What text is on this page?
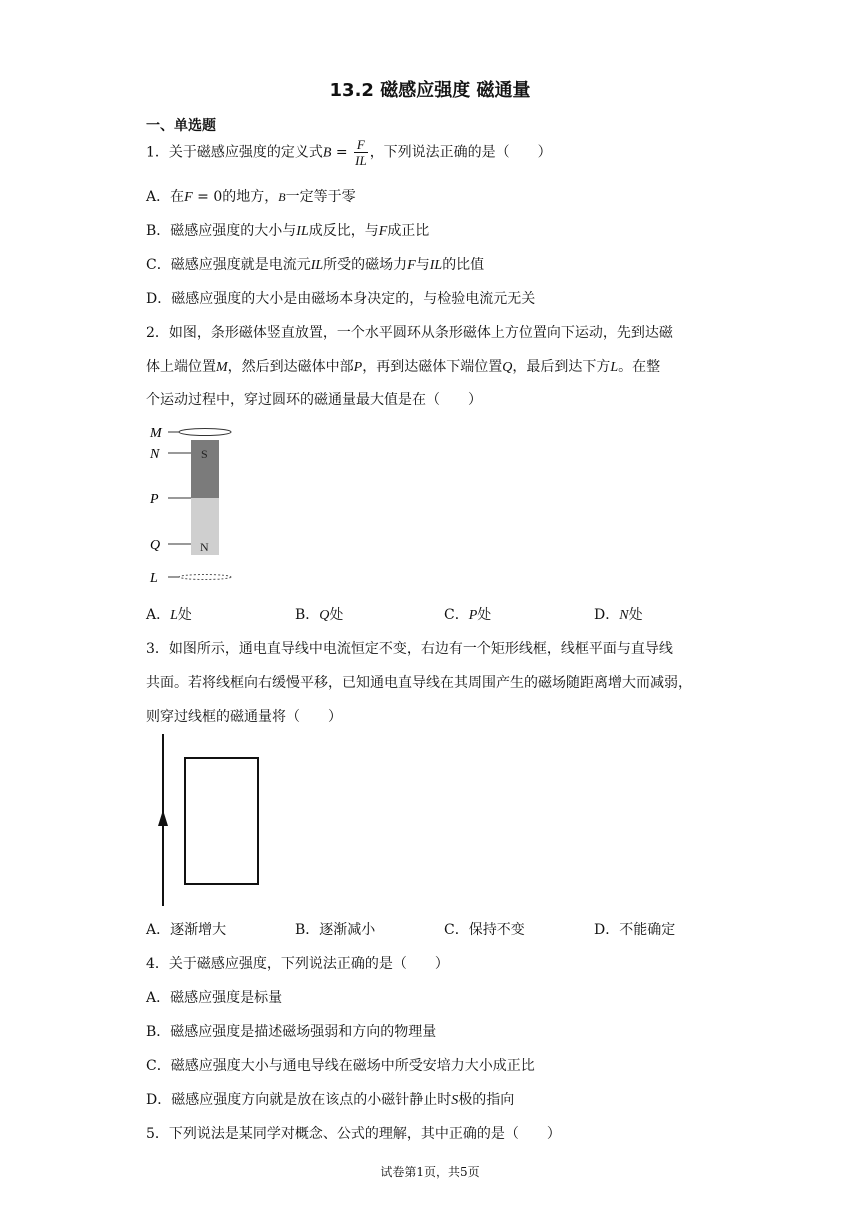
13.2 磁感应强度 磁通量
一、单选题
1．关于磁感应强度的定义式$B = \frac{F}{IL}$ ，下列说法正确的是（　　）
A．在F = 0的地方，B一定等于零
B．磁感应强度的大小与IL成反比，与F成正比
C．磁感应强度就是电流元IL所受的磁场力F与IL的比值
D．磁感应强度的大小是由磁场本身决定的，与检验电流元无关
2．如图，条形磁体竖直放置，一个水平圆环从条形磁体上方位置向下运动，先到达磁
体上端位置M，然后到达磁体中部P，再到达磁体下端位置Q，最后到达下方L。在整
个运动过程中，穿过圆环的磁通量最大值是在（　　）
M
N
P
Q
L
S
N
A．L处	B．Q处	C．P处	D．N处
3．如图所示，通电直导线中电流恒定不变，右边有一个矩形线框，线框平面与直导线
共面。若将线框向右缓慢平移，已知通电直导线在其周围产生的磁场随距离增大而减弱，
则穿过线框的磁通量将（　　）
A．逐渐增大	B．逐渐减小	C．保持不变	D．不能确定
4．关于磁感应强度，下列说法正确的是（　　）
A．磁感应强度是标量
B．磁感应强度是描述磁场强弱和方向的物理量
C．磁感应强度大小与通电导线在磁场中所受安培力大小成正比
D．磁感应强度方向就是放在该点的小磁针静止时S极的指向
5．下列说法是某同学对概念、公式的理解，其中正确的是（　　）
试卷第1页，共5页
